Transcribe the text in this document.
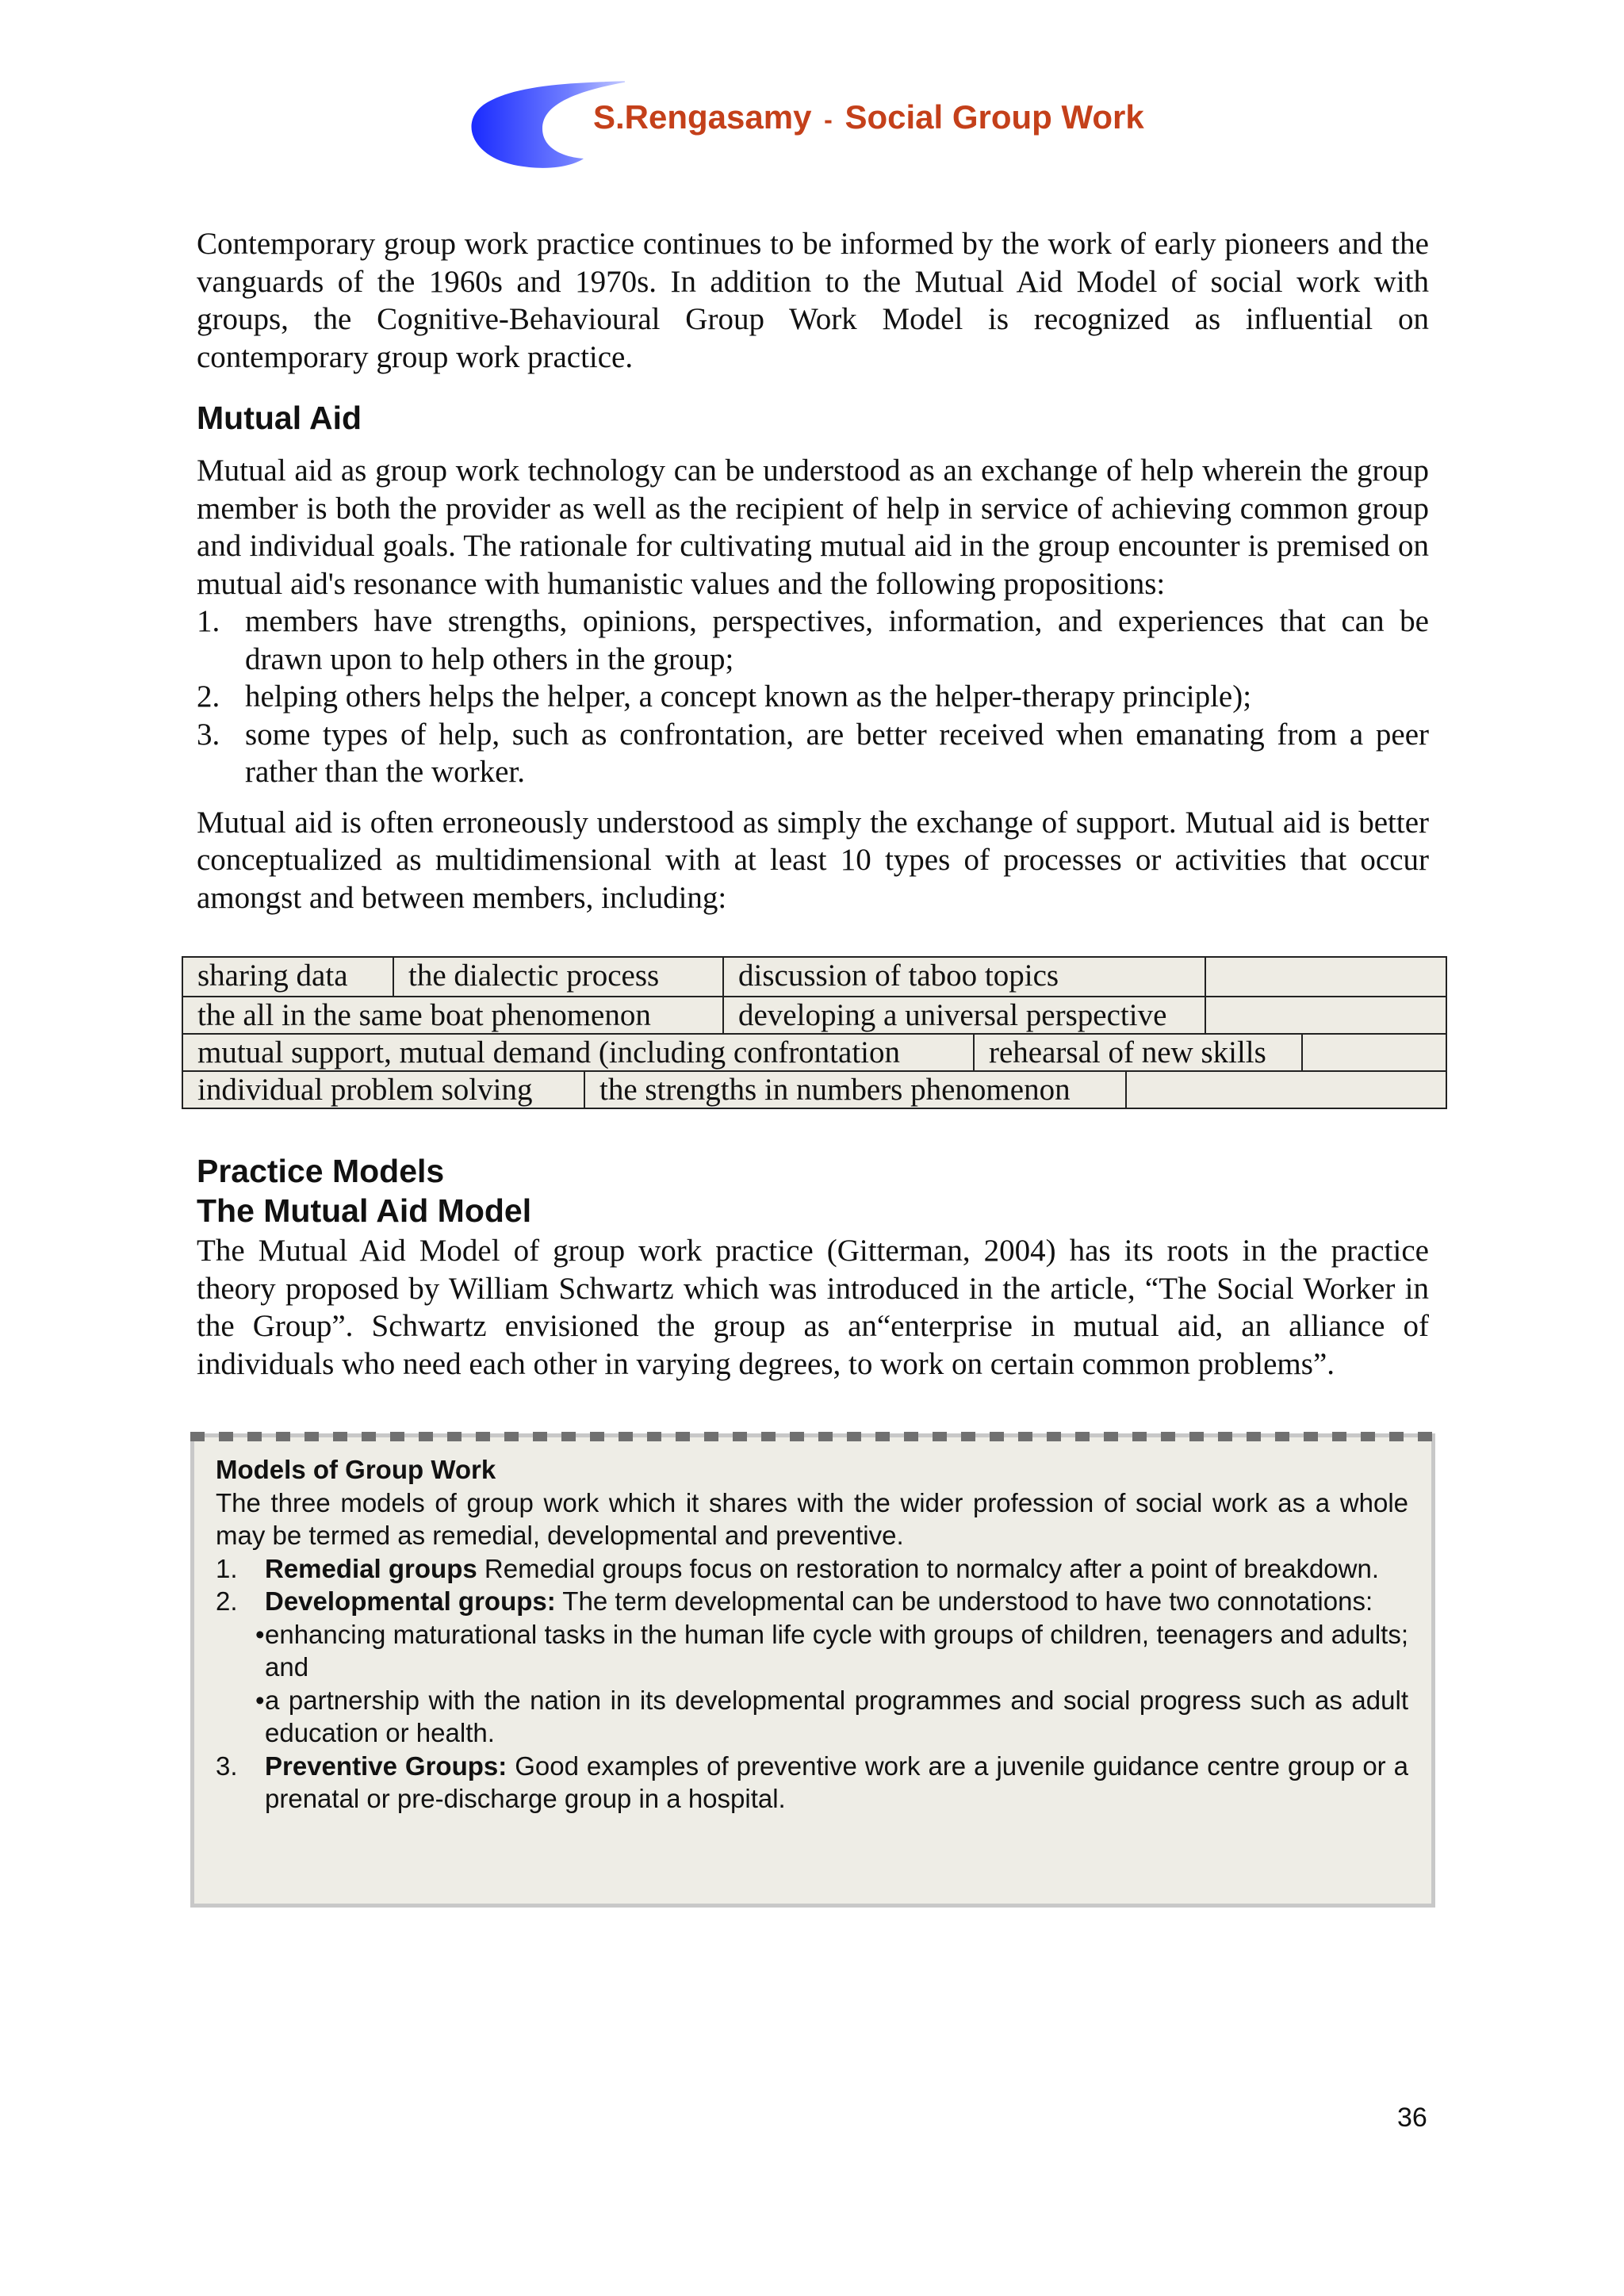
S.Rengasamy - Social Group Work

Contemporary group work practice continues to be informed by the work of early pioneers and the vanguards of the 1960s and 1970s. In addition to the Mutual Aid Model of social work with groups, the Cognitive-Behavioural Group Work Model is recognized as influential on contemporary group work practice.

Mutual Aid

Mutual aid as group work technology can be understood as an exchange of help wherein the group member is both the provider as well as the recipient of help in service of achieving common group and individual goals. The rationale for cultivating mutual aid in the group encounter is premised on mutual aid's resonance with humanistic values and the following propositions:

1. members have strengths, opinions, perspectives, information, and experiences that can be drawn upon to help others in the group;
2. helping others helps the helper, a concept known as the helper-therapy principle);
3. some types of help, such as confrontation, are better received when emanating from a peer rather than the worker.

Mutual aid is often erroneously understood as simply the exchange of support. Mutual aid is better conceptualized as multidimensional with at least 10 types of processes or activities that occur amongst and between members, including:

sharing data	the dialectic process	discussion of taboo topics
the all in the same boat phenomenon	developing a universal perspective
mutual support, mutual demand (including confrontation	rehearsal of new skills
individual problem solving	the strengths in numbers phenomenon
Practice Models
The Mutual Aid Model

The Mutual Aid Model of group work practice (Gitterman, 2004) has its roots in the practice theory proposed by William Schwartz which was introduced in the article, “The Social Worker in the Group”. Schwartz envisioned the group as an“enterprise in mutual aid, an alliance of individuals who need each other in varying degrees, to work on certain common problems”.

Models of Group Work

The three models of group work which it shares with the wider profession of social work as a whole may be termed as remedial, developmental and preventive.

1. Remedial groups Remedial groups focus on restoration to normalcy after a point of breakdown.
2. Developmental groups: The term developmental can be understood to have two connotations:
•enhancing maturational tasks in the human life cycle with groups of children, teenagers and adults; and
•a partnership with the nation in its developmental programmes and social progress such as adult education or health.
3. Preventive Groups: Good examples of preventive work are a juvenile guidance centre group or a prenatal or pre-discharge group in a hospital.
36
